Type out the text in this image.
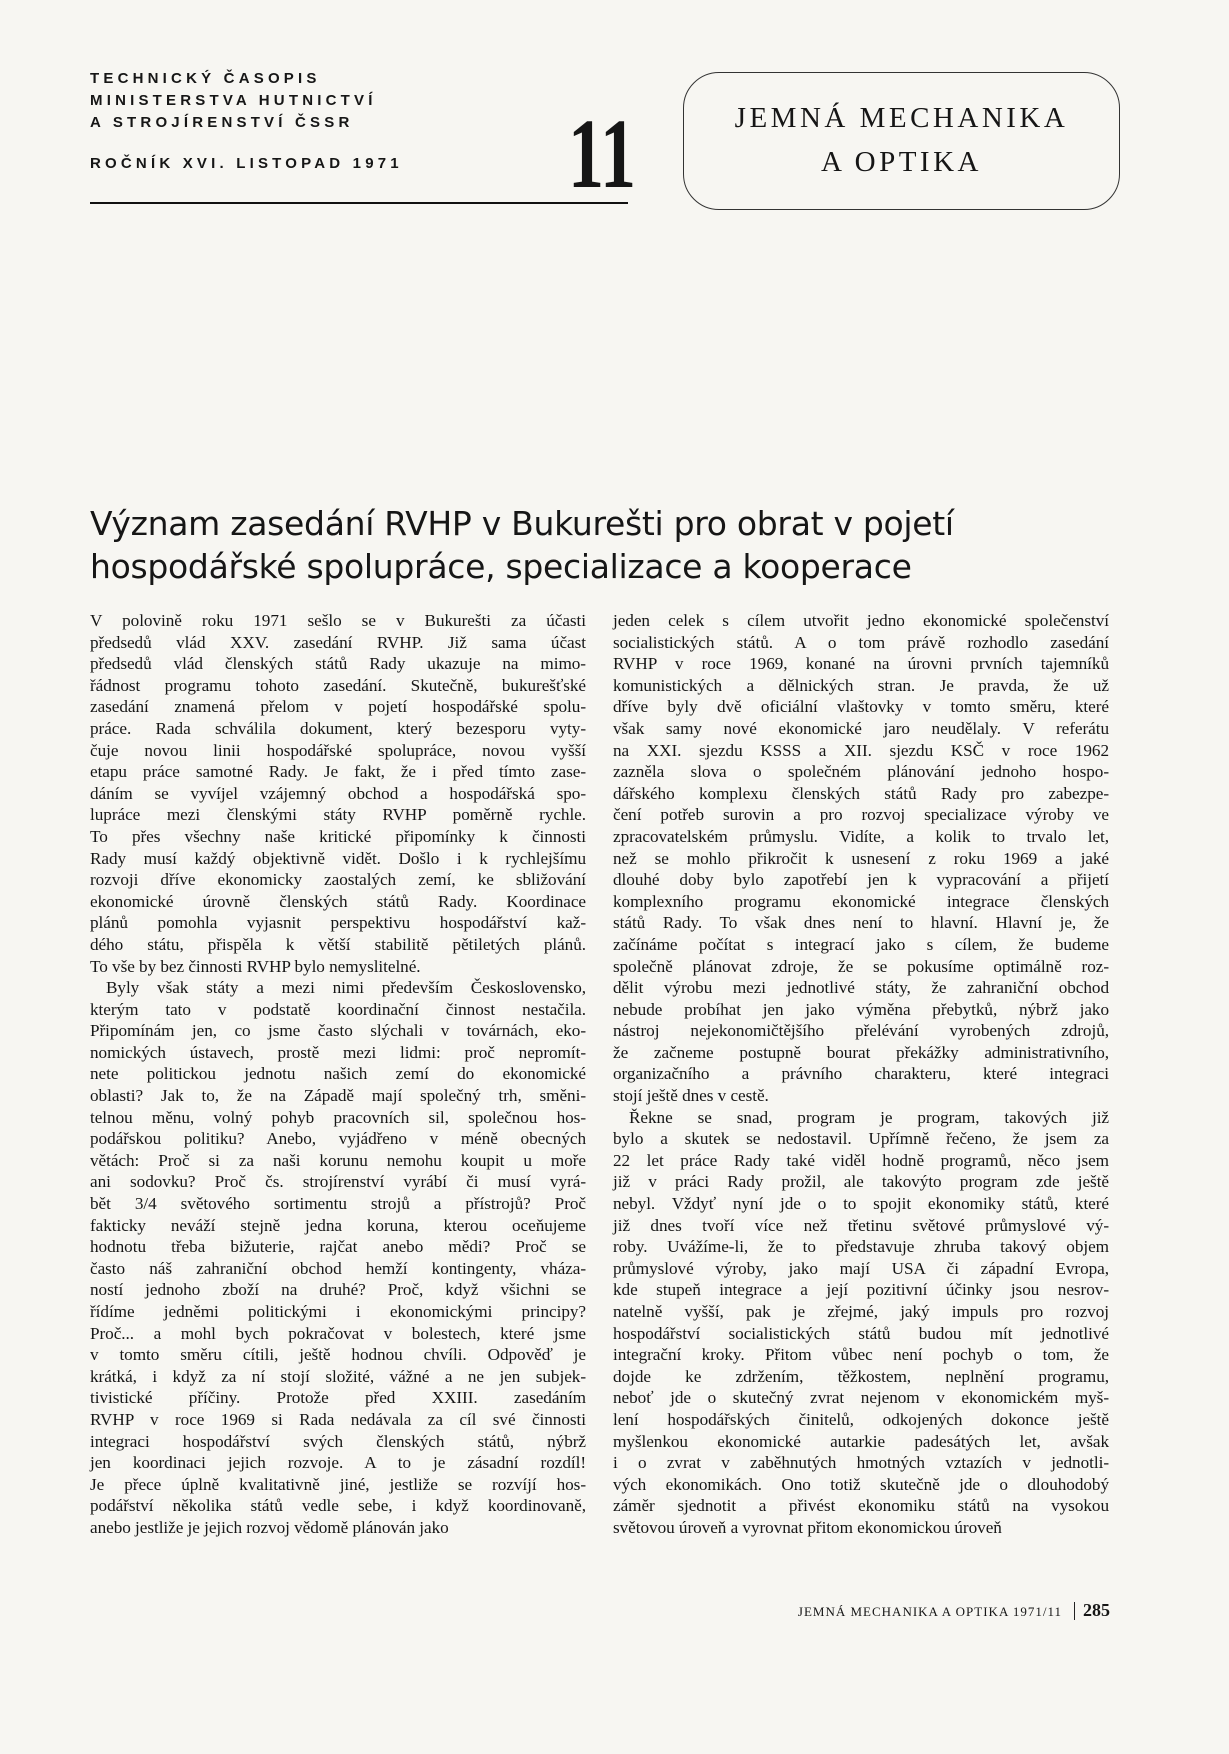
TECHNICKÝ ČASOPIS
MINISTERSTVA HUTNICTVÍ
A STROJÍRENSTVÍ ČSSR
ROČNÍK XVI. LISTOPAD 1971 11	JEMNÁ MECHANIKA
A OPTIKA
Význam zasedání RVHP v Bukurešti pro obrat v pojetí
hospodářské spolupráce, specializace a kooperace
V polovině roku 1971 sešlo se v Bukurešti za účasti
předsedů vlád XXV. zasedání RVHP. Již sama účast
předsedů vlád členských států Rady ukazuje na mimo-
řádnost programu tohoto zasedání. Skutečně, bukurešťské
zasedání znamená přelom v pojetí hospodářské spolu-
práce. Rada schválila dokument, který bezesporu vyty-
čuje novou linii hospodářské spolupráce, novou vyšší
etapu práce samotné Rady. Je fakt, že i před tímto zase-
dáním se vyvíjel vzájemný obchod a hospodářská spo-
lupráce mezi členskými státy RVHP poměrně rychle.
To přes všechny naše kritické připomínky k činnosti
Rady musí každý objektivně vidět. Došlo i k rychlejšímu
rozvoji dříve ekonomicky zaostalých zemí, ke sbližování
ekonomické úrovně členských států Rady. Koordinace
plánů pomohla vyjasnit perspektivu hospodářství kaž-
dého státu, přispěla k větší stabilitě pětiletých plánů.
To vše by bez činnosti RVHP bylo nemyslitelné.
Byly však státy a mezi nimi především Československo,
kterým tato v podstatě koordinační činnost nestačila.
Připomínám jen, co jsme často slýchali v továrnách, eko-
nomických ústavech, prostě mezi lidmi: proč nepromít-
nete politickou jednotu našich zemí do ekonomické
oblasti? Jak to, že na Západě mají společný trh, směni-
telnou měnu, volný pohyb pracovních sil, společnou hos-
podářskou politiku? Anebo, vyjádřeno v méně obecných
větách: Proč si za naši korunu nemohu koupit u moře
ani sodovku? Proč čs. strojírenství vyrábí či musí vyrá-
bět 3/4 světového sortimentu strojů a přístrojů? Proč
fakticky neváží stejně jedna koruna, kterou oceňujeme
hodnotu třeba bižuterie, rajčat anebo mědi? Proč se
často náš zahraniční obchod hemží kontingenty, vháza-
ností jednoho zboží na druhé? Proč, když všichni se
řídíme jedněmi politickými i ekonomickými principy?
Proč... a mohl bych pokračovat v bolestech, které jsme
v tomto směru cítili, ještě hodnou chvíli. Odpověď je
krátká, i když za ní stojí složité, vážné a ne jen subjek-
tivistické příčiny. Protože před XXIII. zasedáním
RVHP v roce 1969 si Rada nedávala za cíl své činnosti
integraci hospodářství svých členských států, nýbrž
jen koordinaci jejich rozvoje. A to je zásadní rozdíl!
Je přece úplně kvalitativně jiné, jestliže se rozvíjí hos-
podářství několika států vedle sebe, i když koordinovaně,
anebo jestliže je jejich rozvoj vědomě plánován jako
jeden celek s cílem utvořit jedno ekonomické společenství
socialistických států. A o tom právě rozhodlo zasedání
RVHP v roce 1969, konané na úrovni prvních tajemníků
komunistických a dělnických stran. Je pravda, že už
dříve byly dvě oficiální vlaštovky v tomto směru, které
však samy nové ekonomické jaro neudělaly. V referátu
na XXI. sjezdu KSSS a XII. sjezdu KSČ v roce 1962
zazněla slova o společném plánování jednoho hospo-
dářského komplexu členských států Rady pro zabezpe-
čení potřeb surovin a pro rozvoj specializace výroby ve
zpracovatelském průmyslu. Vidíte, a kolik to trvalo let,
než se mohlo přikročit k usnesení z roku 1969 a jaké
dlouhé doby bylo zapotřebí jen k vypracování a přijetí
komplexního programu ekonomické integrace členských
států Rady. To však dnes není to hlavní. Hlavní je, že
začínáme počítat s integrací jako s cílem, že budeme
společně plánovat zdroje, že se pokusíme optimálně roz-
dělit výrobu mezi jednotlivé státy, že zahraniční obchod
nebude probíhat jen jako výměna přebytků, nýbrž jako
nástroj nejekonomičtějšího přelévání vyrobených zdrojů,
že začneme postupně bourat překážky administrativního,
organizačního a právního charakteru, které integraci
stojí ještě dnes v cestě.
Řekne se snad, program je program, takových již
bylo a skutek se nedostavil. Upřímně řečeno, že jsem za
22 let práce Rady také viděl hodně programů, něco jsem
již v práci Rady prožil, ale takovýto program zde ještě
nebyl. Vždyť nyní jde o to spojit ekonomiky států, které
již dnes tvoří více než třetinu světové průmyslové vý-
roby. Uvážíme-li, že to představuje zhruba takový objem
průmyslové výroby, jako mají USA či západní Evropa,
kde stupeň integrace a její pozitivní účinky jsou nesrov-
natelně vyšší, pak je zřejmé, jaký impuls pro rozvoj
hospodářství socialistických států budou mít jednotlivé
integrační kroky. Přitom vůbec není pochyb o tom, že
dojde ke zdržením, těžkostem, neplnění programu,
neboť jde o skutečný zvrat nejenom v ekonomickém myš-
lení hospodářských činitelů, odkojených dokonce ještě
myšlenkou ekonomické autarkie padesátých let, avšak
i o zvrat v zaběhnutých hmotných vztazích v jednotli-
vých ekonomikách. Ono totiž skutečně jde o dlouhodobý
záměr sjednotit a přivést ekonomiku států na vysokou
světovou úroveň a vyrovnat přitom ekonomickou úroveň
JEMNÁ MECHANIKA A OPTIKA 1971/11 285
